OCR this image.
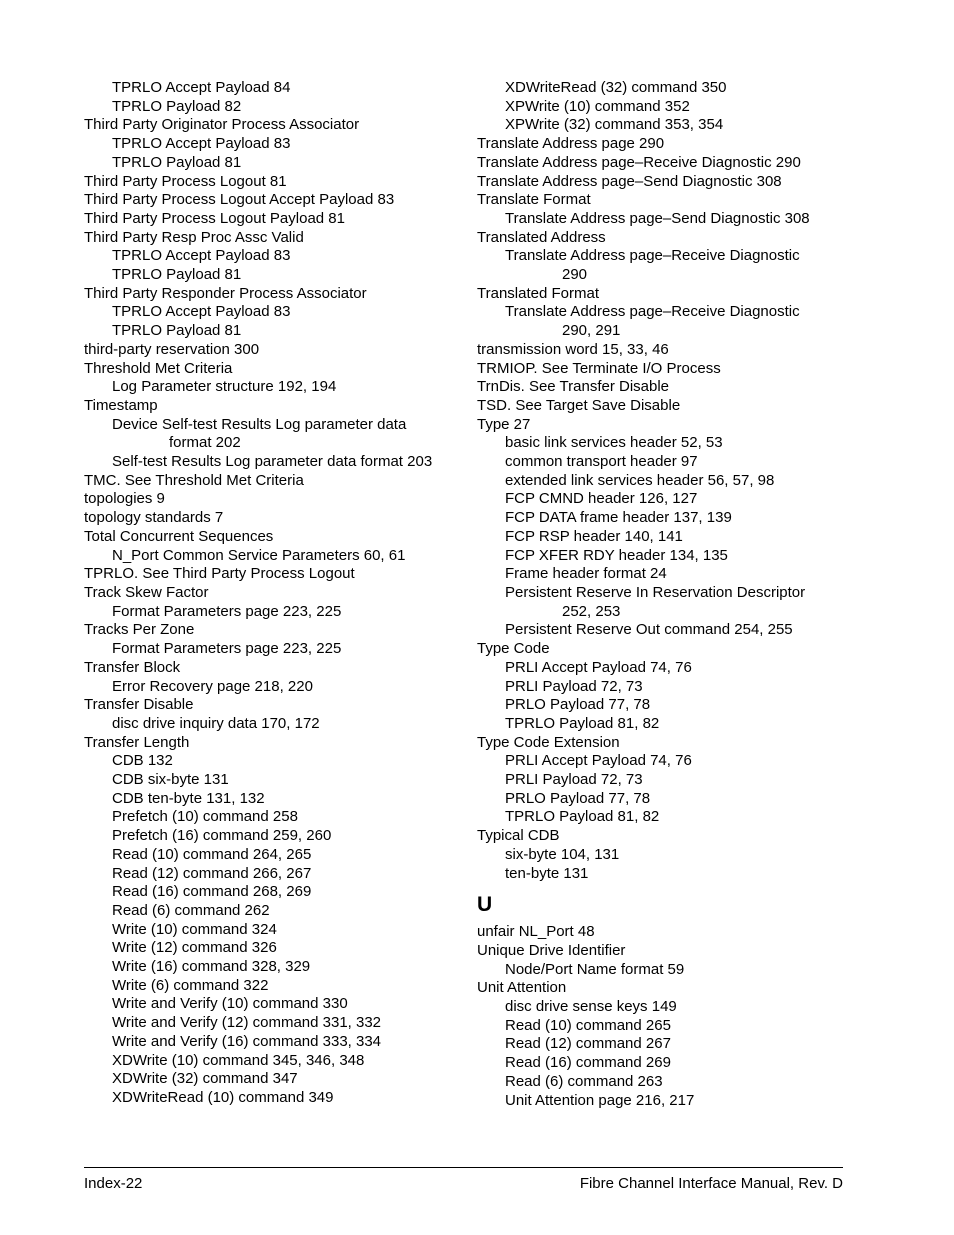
TPRLO Accept Payload 84
TPRLO Payload 82
Third Party Originator Process Associator
TPRLO Accept Payload 83
TPRLO Payload 81
Third Party Process Logout 81
Third Party Process Logout Accept Payload 83
Third Party Process Logout Payload 81
Third Party Resp Proc Assc Valid
TPRLO Accept Payload 83
TPRLO Payload 81
Third Party Responder Process Associator
TPRLO Accept Payload 83
TPRLO Payload 81
third-party reservation 300
Threshold Met Criteria
Log Parameter structure 192, 194
Timestamp
Device Self-test Results Log parameter data
format 202
Self-test Results Log parameter data format 203
TMC. See Threshold Met Criteria
topologies 9
topology standards 7
Total Concurrent Sequences
N_Port Common Service Parameters 60, 61
TPRLO. See Third Party Process Logout
Track Skew Factor
Format Parameters page 223, 225
Tracks Per Zone
Format Parameters page 223, 225
Transfer Block
Error Recovery page 218, 220
Transfer Disable
disc drive inquiry data 170, 172
Transfer Length
CDB 132
CDB six-byte 131
CDB ten-byte 131, 132
Prefetch (10) command 258
Prefetch (16) command 259, 260
Read (10) command 264, 265
Read (12) command 266, 267
Read (16) command 268, 269
Read (6) command 262
Write (10) command 324
Write (12) command 326
Write (16) command 328, 329
Write (6) command 322
Write and Verify (10) command 330
Write and Verify (12) command 331, 332
Write and Verify (16) command 333, 334
XDWrite (10) command 345, 346, 348
XDWrite (32) command 347
XDWriteRead (10) command 349
XDWriteRead (32) command 350
XPWrite (10) command 352
XPWrite (32) command 353, 354
Translate Address page 290
Translate Address page–Receive Diagnostic 290
Translate Address page–Send Diagnostic 308
Translate Format
Translate Address page–Send Diagnostic 308
Translated Address
Translate Address page–Receive Diagnostic
290
Translated Format
Translate Address page–Receive Diagnostic
290, 291
transmission word 15, 33, 46
TRMIOP. See Terminate I/O Process
TrnDis. See Transfer Disable
TSD. See Target Save Disable
Type 27
basic link services header 52, 53
common transport header 97
extended link services header 56, 57, 98
FCP CMND header 126, 127
FCP DATA frame header 137, 139
FCP RSP header 140, 141
FCP XFER RDY header 134, 135
Frame header format 24
Persistent Reserve In Reservation Descriptor
252, 253
Persistent Reserve Out command 254, 255
Type Code
PRLI Accept Payload 74, 76
PRLI Payload 72, 73
PRLO Payload 77, 78
TPRLO Payload 81, 82
Type Code Extension
PRLI Accept Payload 74, 76
PRLI Payload 72, 73
PRLO Payload 77, 78
TPRLO Payload 81, 82
Typical CDB
six-byte 104, 131
ten-byte 131
U
unfair NL_Port 48
Unique Drive Identifier
Node/Port Name format 59
Unit Attention
disc drive sense keys 149
Read (10) command 265
Read (12) command 267
Read (16) command 269
Read (6) command 263
Unit Attention page 216, 217
Index-22	Fibre Channel Interface Manual, Rev. D
